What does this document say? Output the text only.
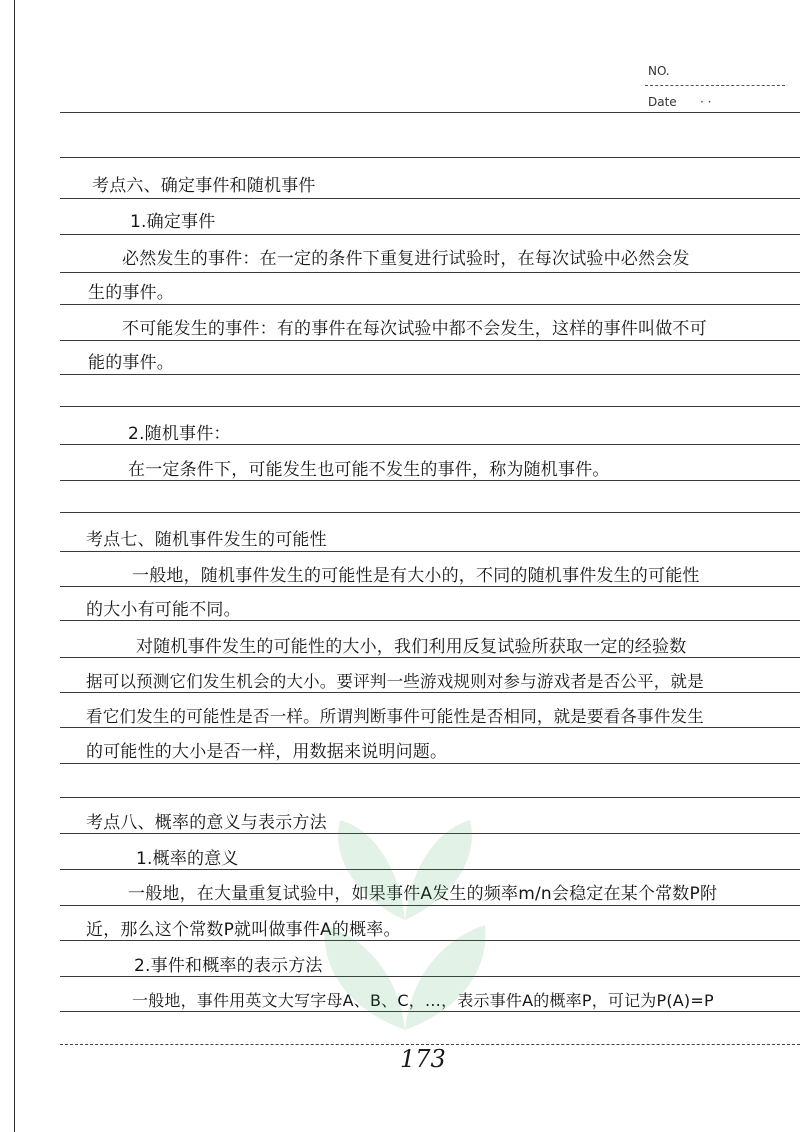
NO.
Date · ·
考点六、确定事件和随机事件
1.确定事件
必然发生的事件：在一定的条件下重复进行试验时，在每次试验中必然会发
生的事件。
不可能发生的事件：有的事件在每次试验中都不会发生，这样的事件叫做不可
能的事件。
2.随机事件：
在一定条件下，可能发生也可能不发生的事件，称为随机事件。
考点七、随机事件发生的可能性
一般地，随机事件发生的可能性是有大小的，不同的随机事件发生的可能性
的大小有可能不同。
对随机事件发生的可能性的大小，我们利用反复试验所获取一定的经验数
据可以预测它们发生机会的大小。要评判一些游戏规则对参与游戏者是否公平，就是
看它们发生的可能性是否一样。所谓判断事件可能性是否相同，就是要看各事件发生
的可能性的大小是否一样，用数据来说明问题。
考点八、概率的意义与表示方法
1.概率的意义
一般地，在大量重复试验中，如果事件A发生的频率m/n会稳定在某个常数P附
近，那么这个常数P就叫做事件A的概率。
2.事件和概率的表示方法
一般地，事件用英文大写字母A、B、C，…，表示事件A的概率P，可记为P(A)=P
173
